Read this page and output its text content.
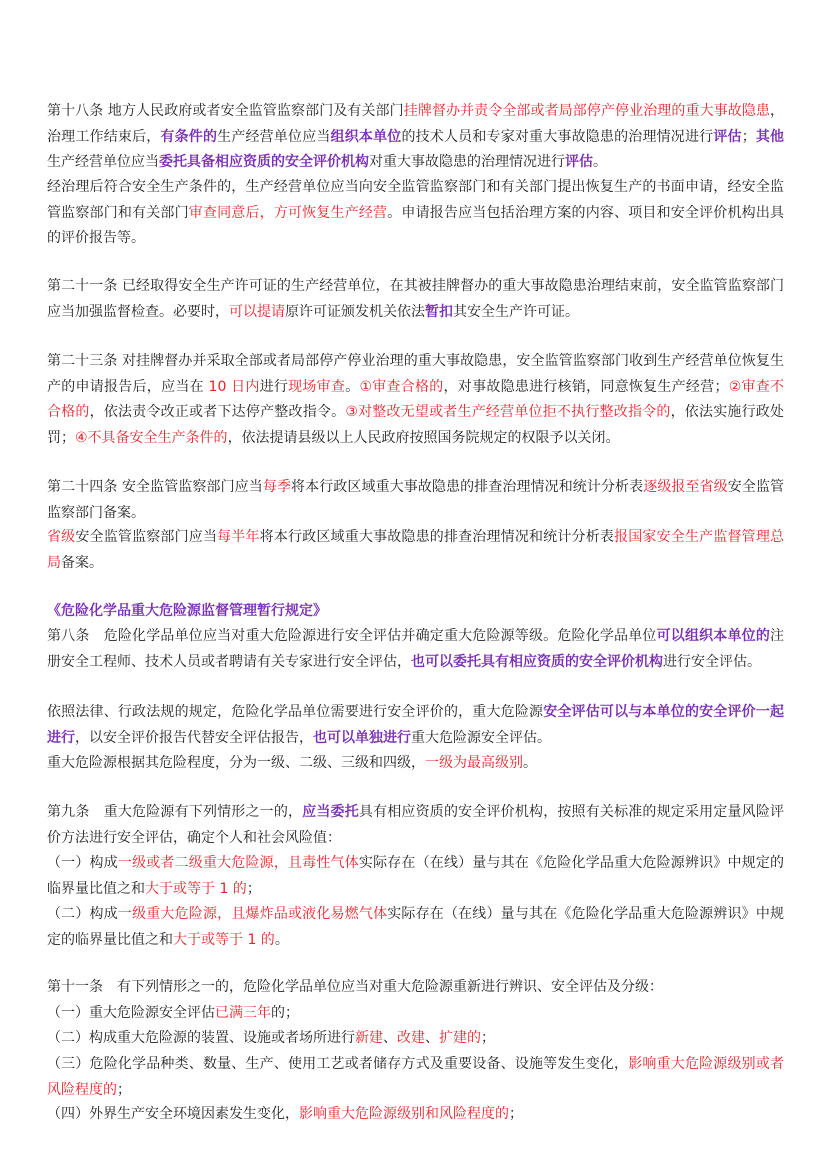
第十八条 地方人民政府或者安全监管监察部门及有关部门挂牌督办并责令全部或者局部停产停业治理的重大事故隐患，治理工作结束后，有条件的生产经营单位应当组织本单位的技术人员和专家对重大事故隐患的治理情况进行评估；其他生产经营单位应当委托具备相应资质的安全评价机构对重大事故隐患的治理情况进行评估。

经治理后符合安全生产条件的，生产经营单位应当向安全监管监察部门和有关部门提出恢复生产的书面申请，经安全监管监察部门和有关部门审查同意后，方可恢复生产经营。申请报告应当包括治理方案的内容、项目和安全评价机构出具的评价报告等。

第二十一条 已经取得安全生产许可证的生产经营单位，在其被挂牌督办的重大事故隐患治理结束前，安全监管监察部门应当加强监督检查。必要时，可以提请原许可证颁发机关依法暂扣其安全生产许可证。

第二十三条 对挂牌督办并采取全部或者局部停产停业治理的重大事故隐患，安全监管监察部门收到生产经营单位恢复生产的申请报告后，应当在 10 日内进行现场审查。①审查合格的，对事故隐患进行核销，同意恢复生产经营；②审查不合格的，依法责令改正或者下达停产整改指令。③对整改无望或者生产经营单位拒不执行整改指令的，依法实施行政处罚；④不具备安全生产条件的，依法提请县级以上人民政府按照国务院规定的权限予以关闭。

第二十四条 安全监管监察部门应当每季将本行政区域重大事故隐患的排查治理情况和统计分析表逐级报至省级安全监管监察部门备案。

省级安全监管监察部门应当每半年将本行政区域重大事故隐患的排查治理情况和统计分析表报国家安全生产监督管理总局备案。

《危险化学品重大危险源监督管理暂行规定》

第八条　危险化学品单位应当对重大危险源进行安全评估并确定重大危险源等级。危险化学品单位可以组织本单位的注册安全工程师、技术人员或者聘请有关专家进行安全评估，也可以委托具有相应资质的安全评价机构进行安全评估。

依照法律、行政法规的规定，危险化学品单位需要进行安全评价的，重大危险源安全评估可以与本单位的安全评价一起进行，以安全评价报告代替安全评估报告，也可以单独进行重大危险源安全评估。

重大危险源根据其危险程度，分为一级、二级、三级和四级，一级为最高级别。

第九条　重大危险源有下列情形之一的，应当委托具有相应资质的安全评价机构，按照有关标准的规定采用定量风险评价方法进行安全评估，确定个人和社会风险值：

（一）构成一级或者二级重大危险源，且毒性气体实际存在（在线）量与其在《危险化学品重大危险源辨识》中规定的临界量比值之和大于或等于 1 的；

（二）构成一级重大危险源，且爆炸品或液化易燃气体实际存在（在线）量与其在《危险化学品重大危险源辨识》中规定的临界量比值之和大于或等于 1 的。

第十一条　有下列情形之一的，危险化学品单位应当对重大危险源重新进行辨识、安全评估及分级：

（一）重大危险源安全评估已满三年的；

（二）构成重大危险源的装置、设施或者场所进行新建、改建、扩建的；

（三）危险化学品种类、数量、生产、使用工艺或者储存方式及重要设备、设施等发生变化，影响重大危险源级别或者风险程度的；

（四）外界生产安全环境因素发生变化，影响重大危险源级别和风险程度的；
